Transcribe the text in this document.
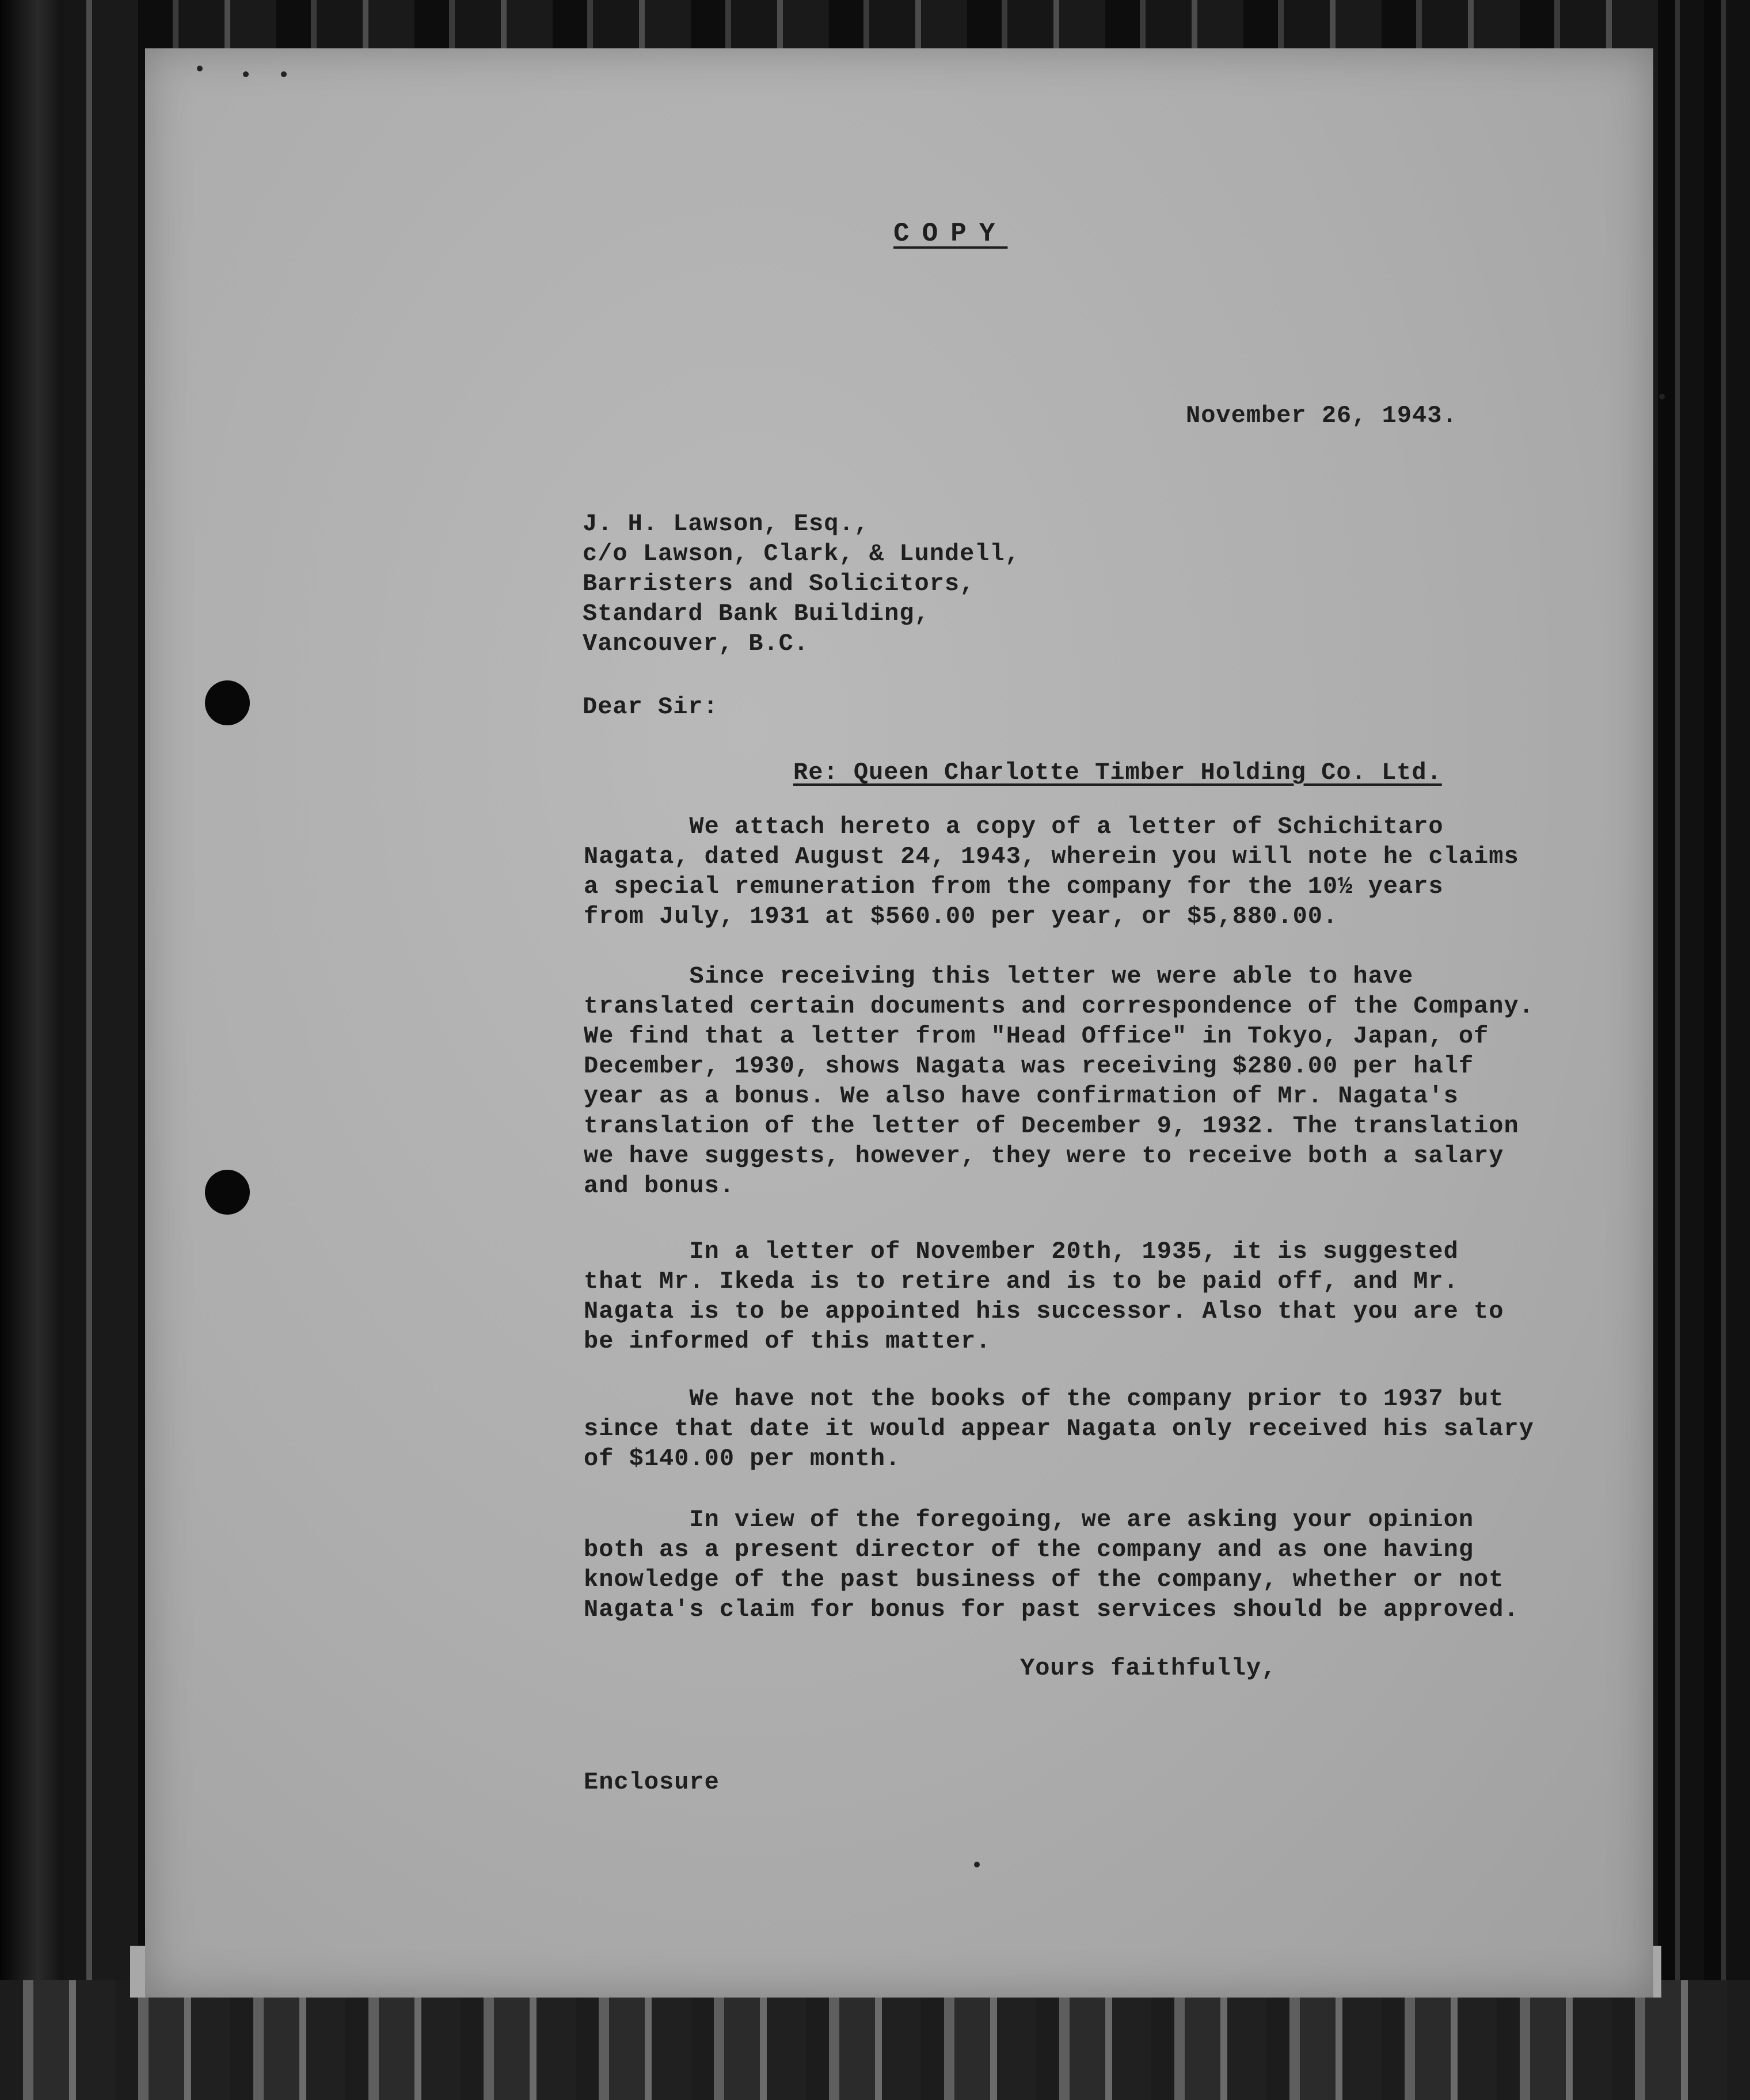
COPY

November 26, 1943.

J. H. Lawson, Esq.,
c/o Lawson, Clark, & Lundell,
Barristers and Solicitors,
Standard Bank Building,
Vancouver, B.C.

Dear Sir:

Re: Queen Charlotte Timber Holding Co. Ltd.

We attach hereto a copy of a letter of Schichitaro
Nagata, dated August 24, 1943, wherein you will note he claims
a special remuneration from the company for the 10½ years
from July, 1931 at $560.00 per year, or $5,880.00.

Since receiving this letter we were able to have
translated certain documents and correspondence of the Company.
We find that a letter from "Head Office" in Tokyo, Japan, of
December, 1930, shows Nagata was receiving $280.00 per half
year as a bonus. We also have confirmation of Mr. Nagata's
translation of the letter of December 9, 1932. The translation
we have suggests, however, they were to receive both a salary
and bonus.

In a letter of November 20th, 1935, it is suggested
that Mr. Ikeda is to retire and is to be paid off, and Mr.
Nagata is to be appointed his successor. Also that you are to
be informed of this matter.

We have not the books of the company prior to 1937 but
since that date it would appear Nagata only received his salary
of $140.00 per month.

In view of the foregoing, we are asking your opinion
both as a present director of the company and as one having
knowledge of the past business of the company, whether or not
Nagata's claim for bonus for past services should be approved.

Yours faithfully,

Enclosure
